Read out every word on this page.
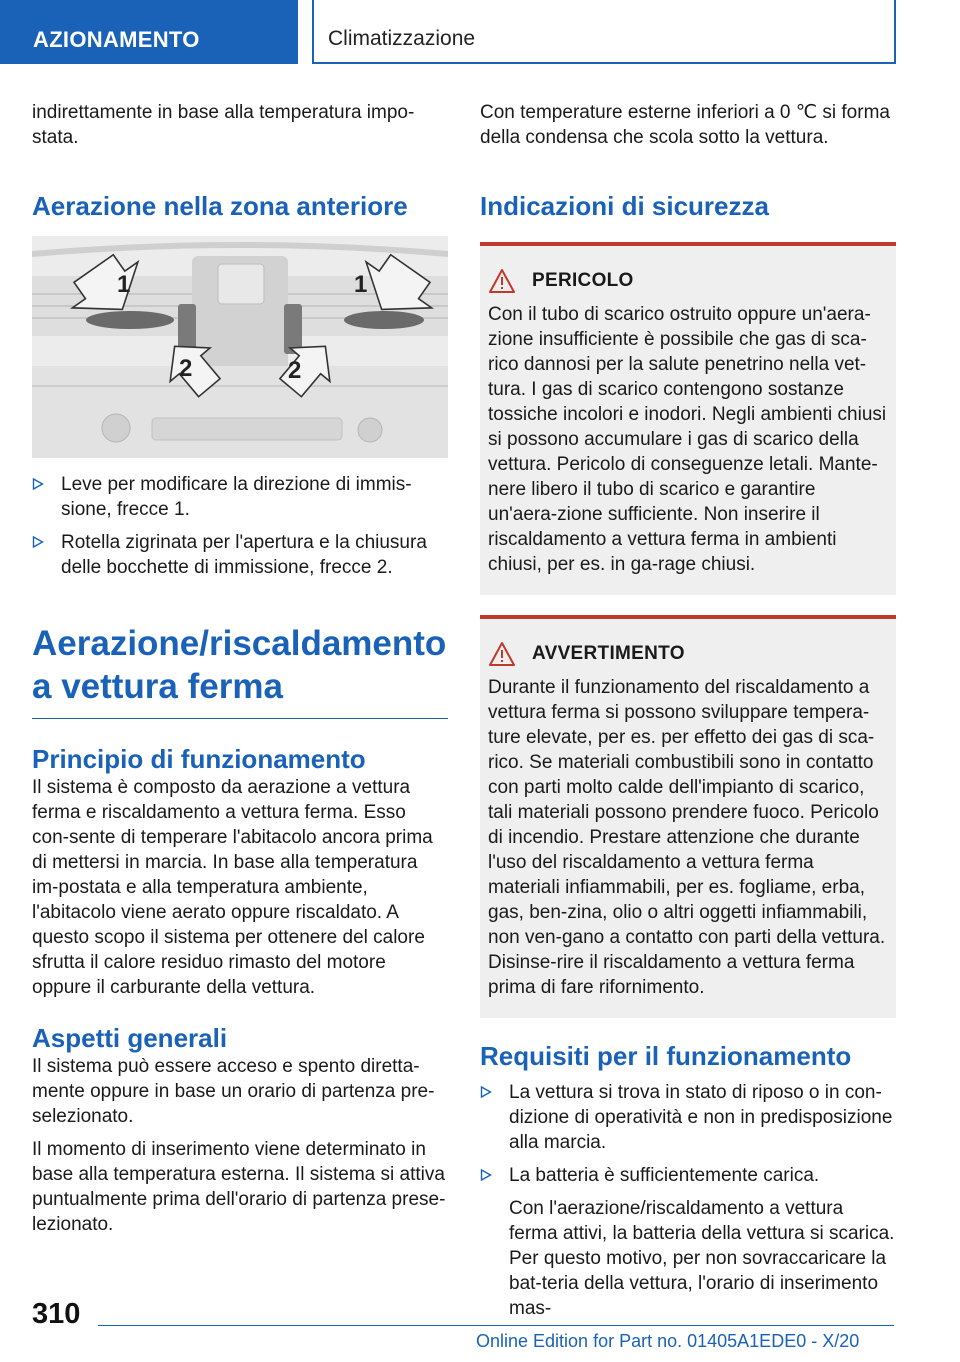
AZIONAMENTO	Climatizzazione

indirettamente in base alla temperatura impo-stata.

Aerazione nella zona anteriore
1	1
2	2
Leve per modificare la direzione di immis-sione, frecce 1.
Rotella zigrinata per l'apertura e la chiusura delle bocchette di immissione, frecce 2.
Aerazione/riscaldamento a vettura ferma
Principio di funzionamento

Il sistema è composto da aerazione a vettura ferma e riscaldamento a vettura ferma. Esso con-sente di temperare l'abitacolo ancora prima di mettersi in marcia. In base alla temperatura im-postata e alla temperatura ambiente, l'abitacolo viene aerato oppure riscaldato. A questo scopo il sistema per ottenere del calore sfrutta il calore residuo rimasto del motore oppure il carburante della vettura.

Aspetti generali

Il sistema può essere acceso e spento diretta-mente oppure in base un orario di partenza pre-selezionato.

Il momento di inserimento viene determinato in base alla temperatura esterna. Il sistema si attiva puntualmente prima dell'orario di partenza prese-lezionato.

Con temperature esterne inferiori a 0 ℃ si forma della condensa che scola sotto la vettura.

Indicazioni di sicurezza
PERICOLO

Con il tubo di scarico ostruito oppure un'aera-zione insufficiente è possibile che gas di sca-rico dannosi per la salute penetrino nella vet-tura. I gas di scarico contengono sostanze tossiche incolori e inodori. Negli ambienti chiusi si possono accumulare i gas di scarico della vettura. Pericolo di conseguenze letali. Mante-nere libero il tubo di scarico e garantire un'aera-zione sufficiente. Non inserire il riscaldamento a vettura ferma in ambienti chiusi, per es. in ga-rage chiusi.

AVVERTIMENTO

Durante il funzionamento del riscaldamento a vettura ferma si possono sviluppare tempera-ture elevate, per es. per effetto dei gas di sca-rico. Se materiali combustibili sono in contatto con parti molto calde dell'impianto di scarico, tali materiali possono prendere fuoco. Pericolo di incendio. Prestare attenzione che durante l'uso del riscaldamento a vettura ferma materiali infiammabili, per es. fogliame, erba, gas, ben-zina, olio o altri oggetti infiammabili, non ven-gano a contatto con parti della vettura. Disinse-rire il riscaldamento a vettura ferma prima di fare rifornimento.

Requisiti per il funzionamento
La vettura si trova in stato di riposo o in con-dizione di operatività e non in predisposizione alla marcia.
La batteria è sufficientemente carica.

Con l'aerazione/riscaldamento a vettura ferma attivi, la batteria della vettura si scarica. Per questo motivo, per non sovraccaricare la bat-teria della vettura, l'orario di inserimento mas-

310
Online Edition for Part no. 01405A1EDE0 - X/20
